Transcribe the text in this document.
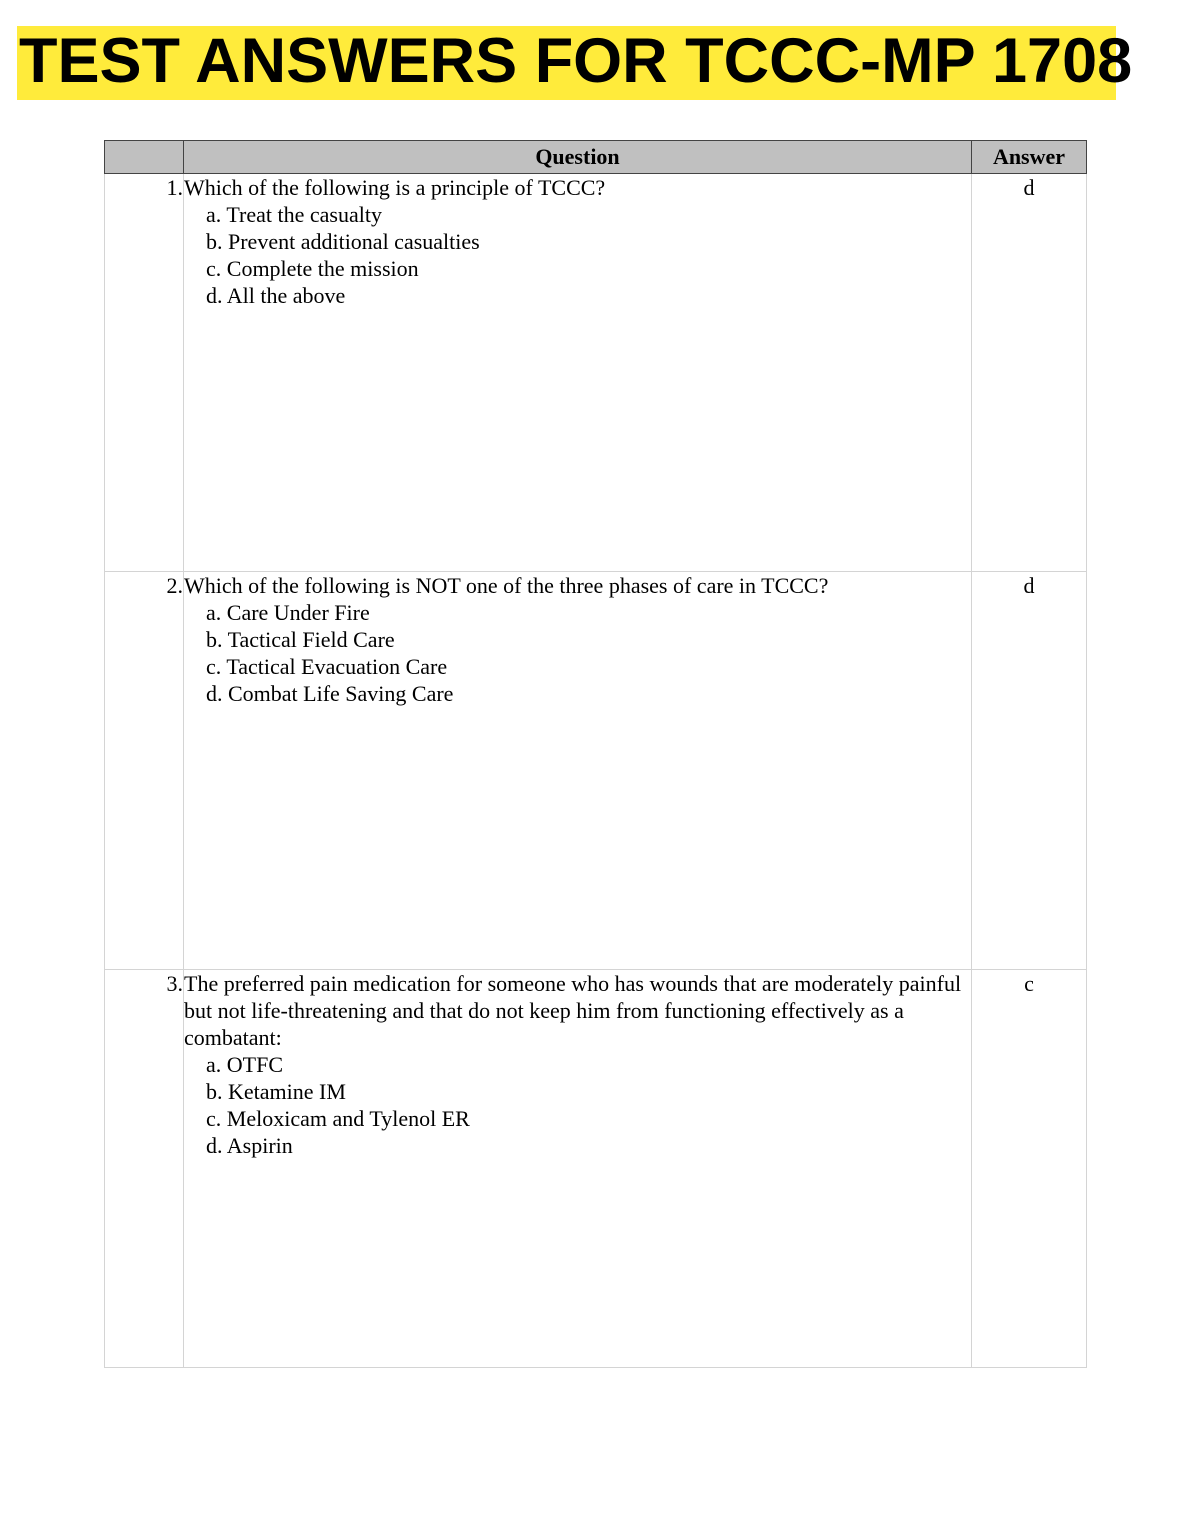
TEST ANSWERS FOR TCCC-MP 1708
	Question	Answer
1.	Which of the following is a principle of TCCC?
a. Treat the casualty
b. Prevent additional casualties
c. Complete the mission
d. All the above	d
2.	Which of the following is NOT one of the three phases of care in TCCC?
a. Care Under Fire
b. Tactical Field Care
c. Tactical Evacuation Care
d. Combat Life Saving Care	d
3.	The preferred pain medication for someone who has wounds that are moderately painful but not life-threatening and that do not keep him from functioning effectively as a combatant:
a. OTFC
b. Ketamine IM
c. Meloxicam and Tylenol ER
d. Aspirin	c
